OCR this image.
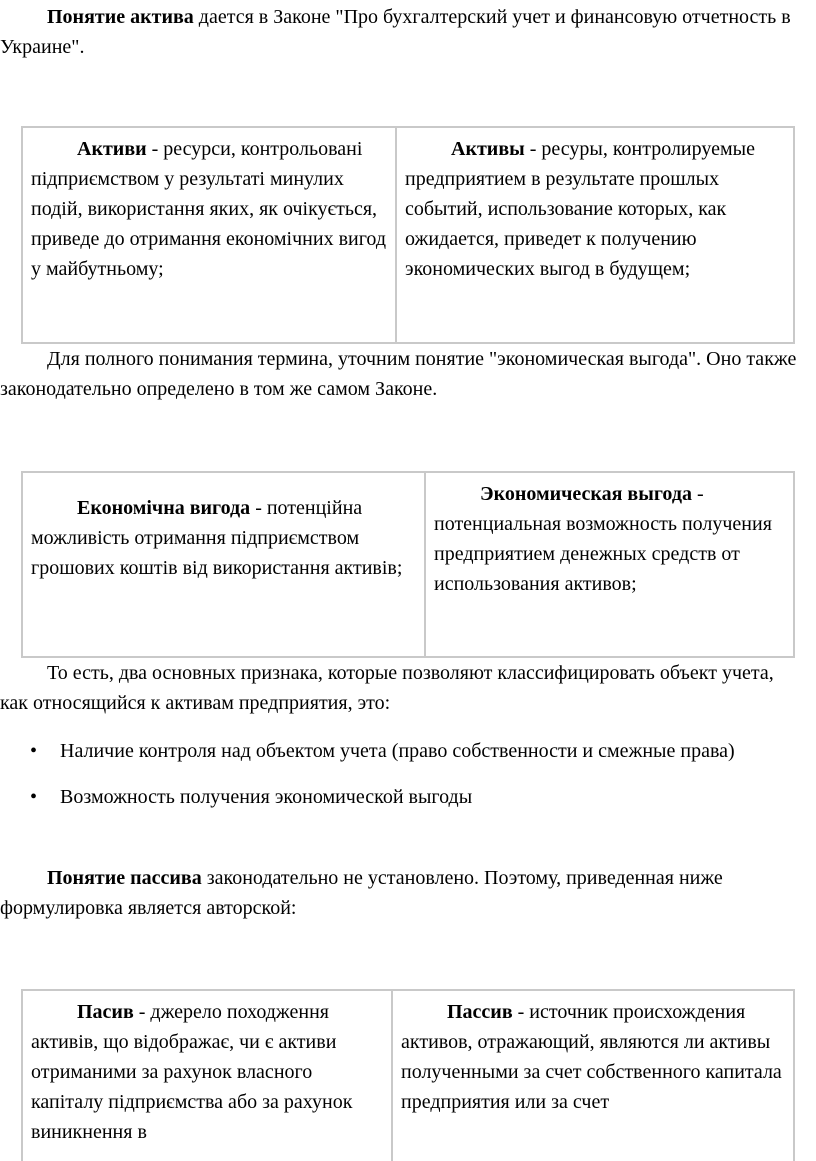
Понятие актива дается в Законе "Про бухгалтерский учет и финансовую отчетность в Украине".

Активи - ресурси, контрольовані підприємством у результаті минулих подій, використання яких, як очікується, приведе до отримання економічних вигод у майбутньому;

Активы - ресуры, контролируемые предприятием в результате прошлых событий, использование которых, как ожидается, приведет к получению экономических выгод в будущем;

Для полного понимания термина, уточним понятие "экономическая выгода". Оно также законодательно определено в том же самом Законе.

Економічна вигода - потенційна можливість отримання підприємством грошових коштів від використання активів;

Экономическая выгода - потенциальная возможность получения предприятием денежных средств от использования активов;

То есть, два основных признака, которые позволяют классифицировать объект учета, как относящийся к активам предприятия, это:

• Наличие контроля над объектом учета (право собственности и смежные права)
• Возможность получения экономической выгоды

Понятие пассива законодательно не установлено. Поэтому, приведенная ниже формулировка является авторской:

Пасив - джерело походження активів, що відображає, чи є активи отриманими за рахунок власного капіталу підприємства або за рахунок виникнення в

Пассив - источник происхождения активов, отражающий, являются ли активы полученными за счет собственного капитала предприятия или за счет
